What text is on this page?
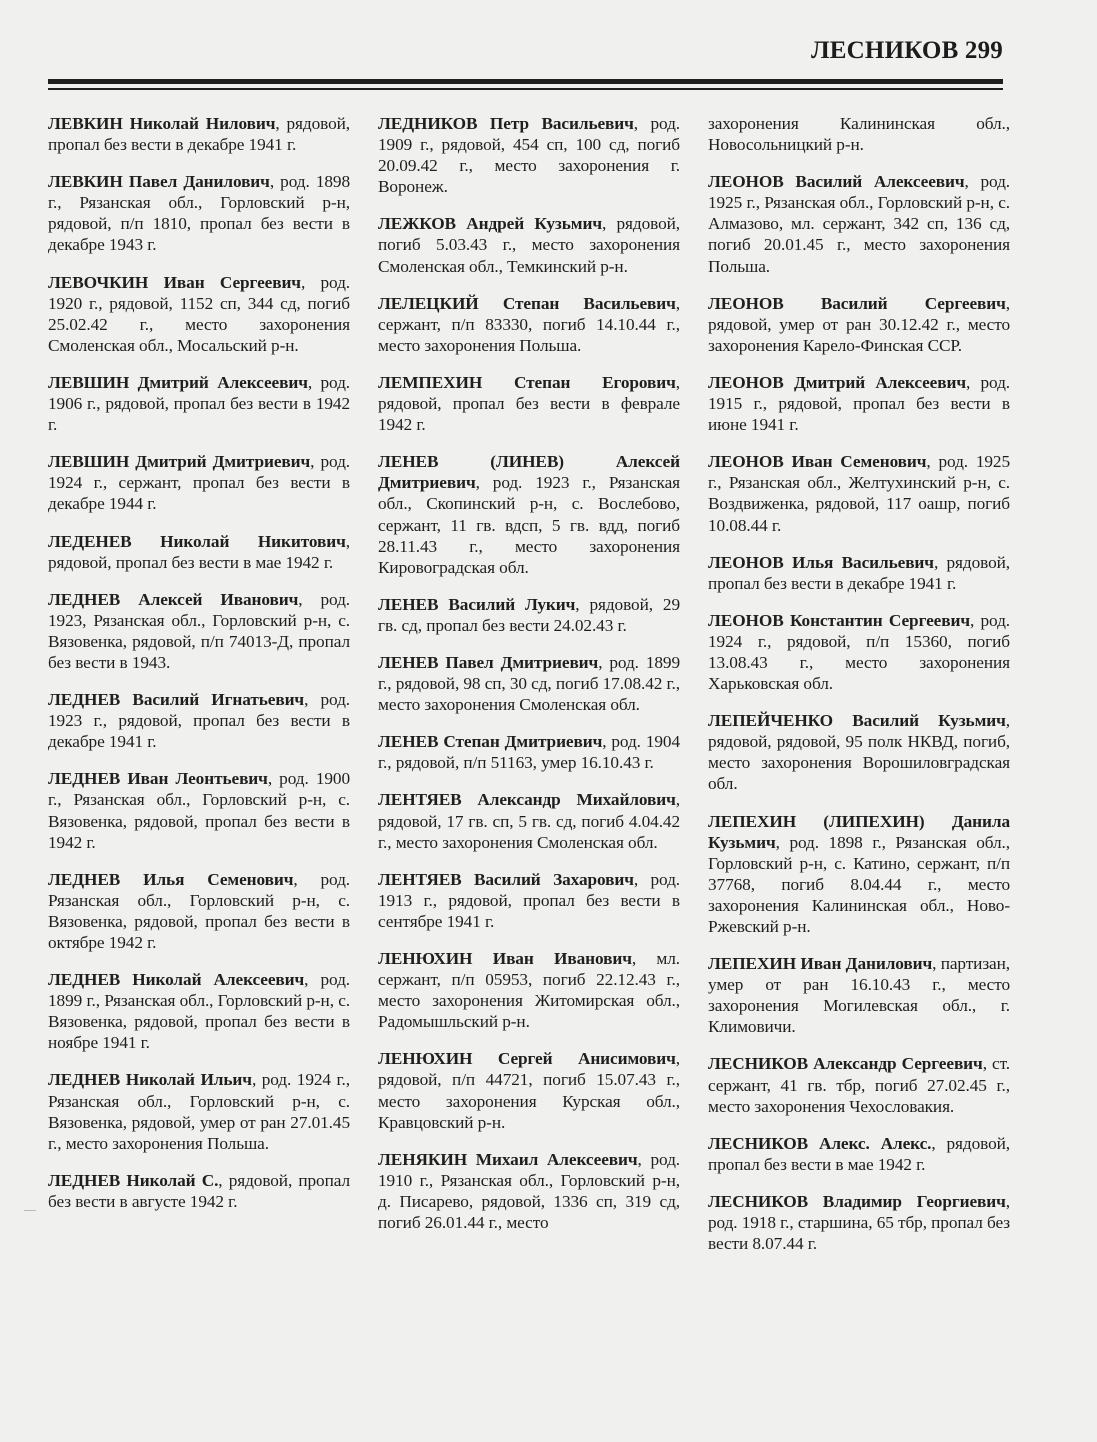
ЛЕСНИКОВ 299

ЛЕВКИН Николай Нилович, рядовой, пропал без вести в декабре 1941 г.

ЛЕВКИН Павел Данилович, род. 1898 г., Рязанская обл., Горловский р-н, рядовой, п/п 1810, пропал без вести в декабре 1943 г.

ЛЕВОЧКИН Иван Сергеевич, род. 1920 г., рядовой, 1152 сп, 344 сд, погиб 25.02.42 г., место захоронения Смоленская обл., Мосальский р-н.

ЛЕВШИН Дмитрий Алексеевич, род. 1906 г., рядовой, пропал без вести в 1942 г.

ЛЕВШИН Дмитрий Дмитриевич, род. 1924 г., сержант, пропал без вести в декабре 1944 г.

ЛЕДЕНЕВ Николай Никитович, рядовой, пропал без вести в мае 1942 г.

ЛЕДНЕВ Алексей Иванович, род. 1923, Рязанская обл., Горловский р-н, с. Вязовенка, рядовой, п/п 74013-Д, пропал без вести в 1943.

ЛЕДНЕВ Василий Игнатьевич, род. 1923 г., рядовой, пропал без вести в декабре 1941 г.

ЛЕДНЕВ Иван Леонтьевич, род. 1900 г., Рязанская обл., Горловский р-н, с. Вязовенка, рядовой, пропал без вести в 1942 г.

ЛЕДНЕВ Илья Семенович, род. Рязанская обл., Горловский р-н, с. Вязовенка, рядовой, пропал без вести в октябре 1942 г.

ЛЕДНЕВ Николай Алексеевич, род. 1899 г., Рязанская обл., Горловский р-н, с. Вязовенка, рядовой, пропал без вести в ноябре 1941 г.

ЛЕДНЕВ Николай Ильич, род. 1924 г., Рязанская обл., Горловский р-н, с. Вязовенка, рядовой, умер от ран 27.01.45 г., место захоронения Польша.

ЛЕДНЕВ Николай С., рядовой, пропал без вести в августе 1942 г.

ЛЕДНИКОВ Петр Васильевич, род. 1909 г., рядовой, 454 сп, 100 сд, погиб 20.09.42 г., место захоронения г. Воронеж.

ЛЕЖКОВ Андрей Кузьмич, рядовой, погиб 5.03.43 г., место захоронения Смоленская обл., Темкинский р-н.

ЛЕЛЕЦКИЙ Степан Васильевич, сержант, п/п 83330, погиб 14.10.44 г., место захоронения Польша.

ЛЕМПЕХИН Степан Егорович, рядовой, пропал без вести в феврале 1942 г.

ЛЕНЕВ (ЛИНЕВ) Алексей Дмитриевич, род. 1923 г., Рязанская обл., Скопинский р-н, с. Вослебово, сержант, 11 гв. вдсп, 5 гв. вдд, погиб 28.11.43 г., место захоронения Кировоградская обл.

ЛЕНЕВ Василий Лукич, рядовой, 29 гв. сд, пропал без вести 24.02.43 г.

ЛЕНЕВ Павел Дмитриевич, род. 1899 г., рядовой, 98 сп, 30 сд, погиб 17.08.42 г., место захоронения Смоленская обл.

ЛЕНЕВ Степан Дмитриевич, род. 1904 г., рядовой, п/п 51163, умер 16.10.43 г.

ЛЕНТЯЕВ Александр Михайлович, рядовой, 17 гв. сп, 5 гв. сд, погиб 4.04.42 г., место захоронения Смоленская обл.

ЛЕНТЯЕВ Василий Захарович, род. 1913 г., рядовой, пропал без вести в сентябре 1941 г.

ЛЕНЮХИН Иван Иванович, мл. сержант, п/п 05953, погиб 22.12.43 г., место захоронения Житомирская обл., Радомышльский р-н.

ЛЕНЮХИН Сергей Анисимович, рядовой, п/п 44721, погиб 15.07.43 г., место захоронения Курская обл., Кравцовский р-н.

ЛЕНЯКИН Михаил Алексеевич, род. 1910 г., Рязанская обл., Горловский р-н, д. Писарево, рядовой, 1336 сп, 319 сд, погиб 26.01.44 г., место

захоронения Калининская обл., Новосольницкий р-н.

ЛЕОНОВ Василий Алексеевич, род. 1925 г., Рязанская обл., Горловский р-н, с. Алмазово, мл. сержант, 342 сп, 136 сд, погиб 20.01.45 г., место захоронения Польша.

ЛЕОНОВ Василий Сергеевич, рядовой, умер от ран 30.12.42 г., место захоронения Карело-Финская ССР.

ЛЕОНОВ Дмитрий Алексеевич, род. 1915 г., рядовой, пропал без вести в июне 1941 г.

ЛЕОНОВ Иван Семенович, род. 1925 г., Рязанская обл., Желтухинский р-н, с. Воздвиженка, рядовой, 117 оашр, погиб 10.08.44 г.

ЛЕОНОВ Илья Васильевич, рядовой, пропал без вести в декабре 1941 г.

ЛЕОНОВ Константин Сергеевич, род. 1924 г., рядовой, п/п 15360, погиб 13.08.43 г., место захоронения Харьковская обл.

ЛЕПЕЙЧЕНКО Василий Кузьмич, рядовой, рядовой, 95 полк НКВД, погиб, место захоронения Ворошиловградская обл.

ЛЕПЕХИН (ЛИПЕХИН) Данила Кузьмич, род. 1898 г., Рязанская обл., Горловский р-н, с. Катино, сержант, п/п 37768, погиб 8.04.44 г., место захоронения Калининская обл., Ново-Ржевский р-н.

ЛЕПЕХИН Иван Данилович, партизан, умер от ран 16.10.43 г., место захоронения Могилевская обл., г. Климовичи.

ЛЕСНИКОВ Александр Сергеевич, ст. сержант, 41 гв. тбр, погиб 27.02.45 г., место захоронения Чехословакия.

ЛЕСНИКОВ Алекс. Алекс., рядовой, пропал без вести в мае 1942 г.

ЛЕСНИКОВ Владимир Георгиевич, род. 1918 г., старшина, 65 тбр, пропал без вести 8.07.44 г.
